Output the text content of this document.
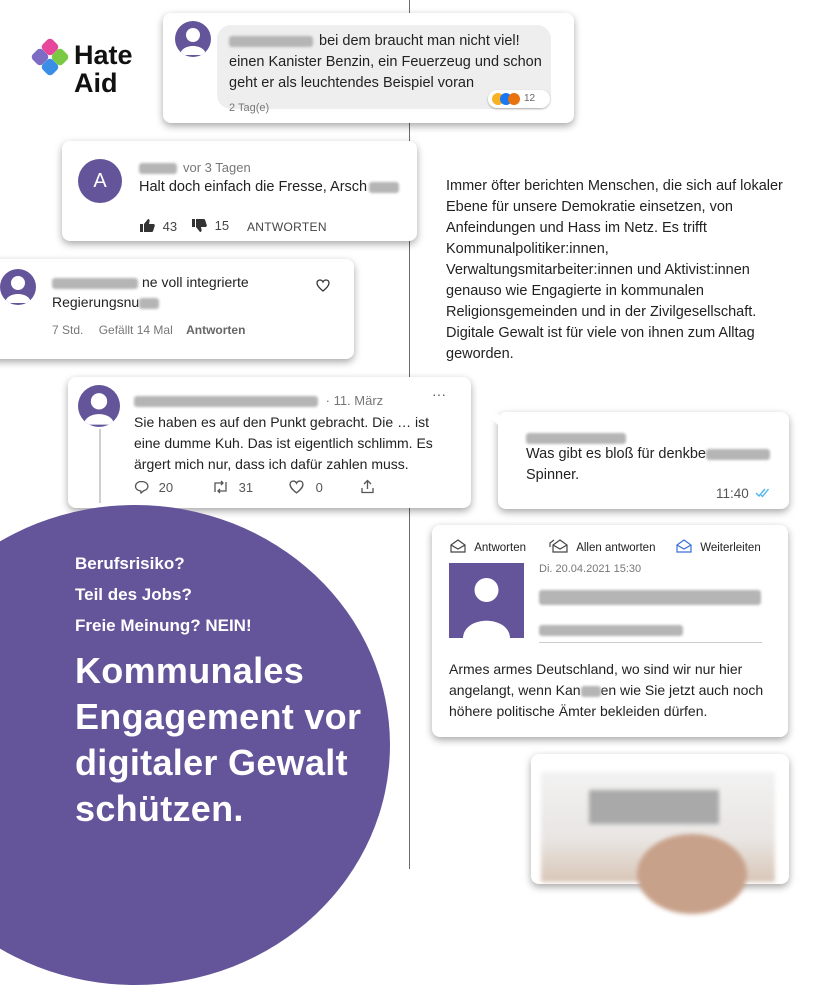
Hate
Aid
bei dem braucht man nicht viel! einen Kanister Benzin, ein Feuerzeug und schon geht er als leuchtendes Beispiel voran
2 Tag(e)
12
A
vor 3 Tagen
Halt doch einfach die Fresse, Arsch
43	15 ANTWORTEN
ne voll integrierte
Regierungsnu
7 Std. Gefällt 14 Mal Antworten
· 11. März	···
Sie haben es auf den Punkt gebracht. Die … ist eine dumme Kuh. Das ist eigentlich schlimm. Es ärgert mich nur, dass ich dafür zahlen muss.
20	31	0
Was gibt es bloß für denkbe
Spinner.
11:40
Antworten	Allen antworten	Weiterleiten
Di. 20.04.2021 15:30
Armes armes Deutschland, wo sind wir nur hier angelangt, wenn Kan en wie Sie jetzt auch noch höhere politische Ämter bekleiden dürfen.
Immer öfter berichten Menschen, die sich auf lokaler Ebene für unsere Demokratie einsetzen, von Anfeindungen und Hass im Netz. Es trifft Kommunalpolitiker:innen, Verwaltungsmitarbeiter:innen und Aktivist:innen genauso wie Engagierte in kommunalen Religionsgemeinden und in der Zivilgesellschaft. Digitale Gewalt ist für viele von ihnen zum Alltag geworden.
Berufsrisiko?
Teil des Jobs?
Freie Meinung? NEIN!
Kommunales Engagement vor digitaler Gewalt schützen.
